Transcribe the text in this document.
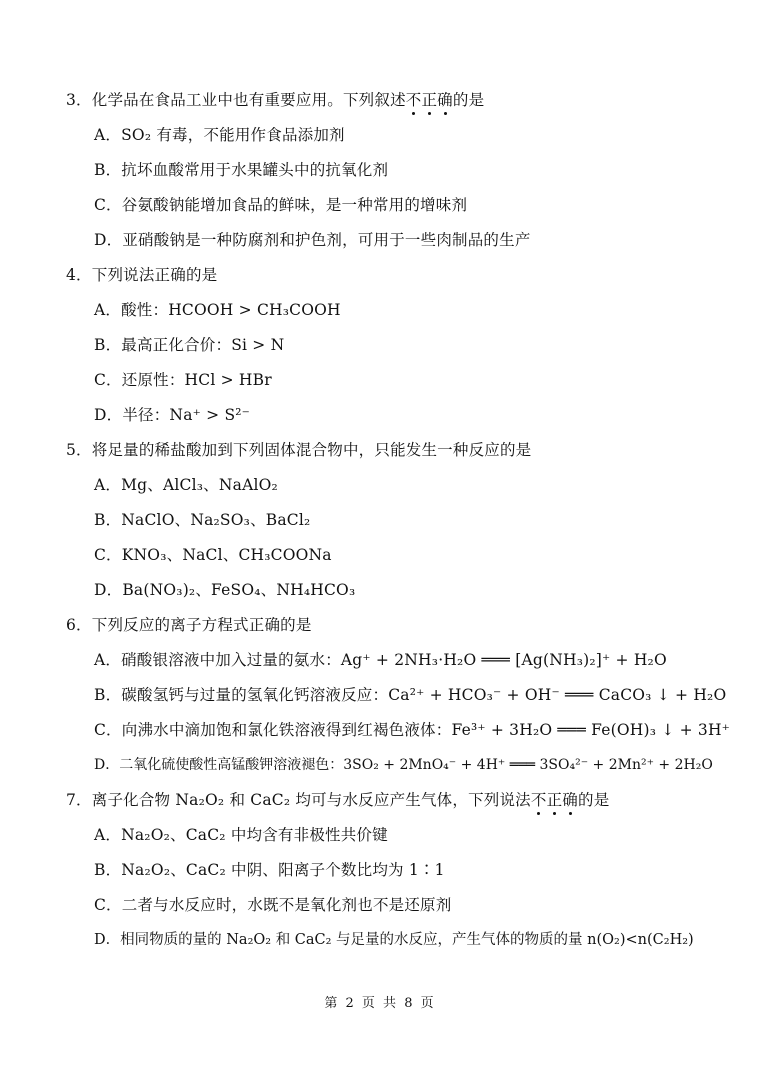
3．化学品在食品工业中也有重要应用。下列叙述不正确的是
A．SO₂ 有毒，不能用作食品添加剂
B．抗坏血酸常用于水果罐头中的抗氧化剂
C．谷氨酸钠能增加食品的鲜味，是一种常用的增味剂
D．亚硝酸钠是一种防腐剂和护色剂，可用于一些肉制品的生产
4．下列说法正确的是
A．酸性：HCOOH > CH₃COOH
B．最高正化合价：Si > N
C．还原性：HCl > HBr
D．半径：Na⁺ > S²⁻
5．将足量的稀盐酸加到下列固体混合物中，只能发生一种反应的是
A．Mg、AlCl₃、NaAlO₂
B．NaClO、Na₂SO₃、BaCl₂
C．KNO₃、NaCl、CH₃COONa
D．Ba(NO₃)₂、FeSO₄、NH₄HCO₃
6．下列反应的离子方程式正确的是
A．硝酸银溶液中加入过量的氨水：Ag⁺ + 2NH₃·H₂O ═══ [Ag(NH₃)₂]⁺ + H₂O
B．碳酸氢钙与过量的氢氧化钙溶液反应：Ca²⁺ + HCO₃⁻ + OH⁻ ═══ CaCO₃ ↓ + H₂O
C．向沸水中滴加饱和氯化铁溶液得到红褐色液体：Fe³⁺ + 3H₂O ═══ Fe(OH)₃ ↓ + 3H⁺
D．二氧化硫使酸性高锰酸钾溶液褪色：3SO₂ + 2MnO₄⁻ + 4H⁺ ═══ 3SO₄²⁻ + 2Mn²⁺ + 2H₂O
7．离子化合物 Na₂O₂ 和 CaC₂ 均可与水反应产生气体，下列说法不正确的是
A．Na₂O₂、CaC₂ 中均含有非极性共价键
B．Na₂O₂、CaC₂ 中阴、阳离子个数比均为 1∶1
C．二者与水反应时，水既不是氧化剂也不是还原剂
D．相同物质的量的 Na₂O₂ 和 CaC₂ 与足量的水反应，产生气体的物质的量 n(O₂)<n(C₂H₂)
第 2 页 共 8 页
